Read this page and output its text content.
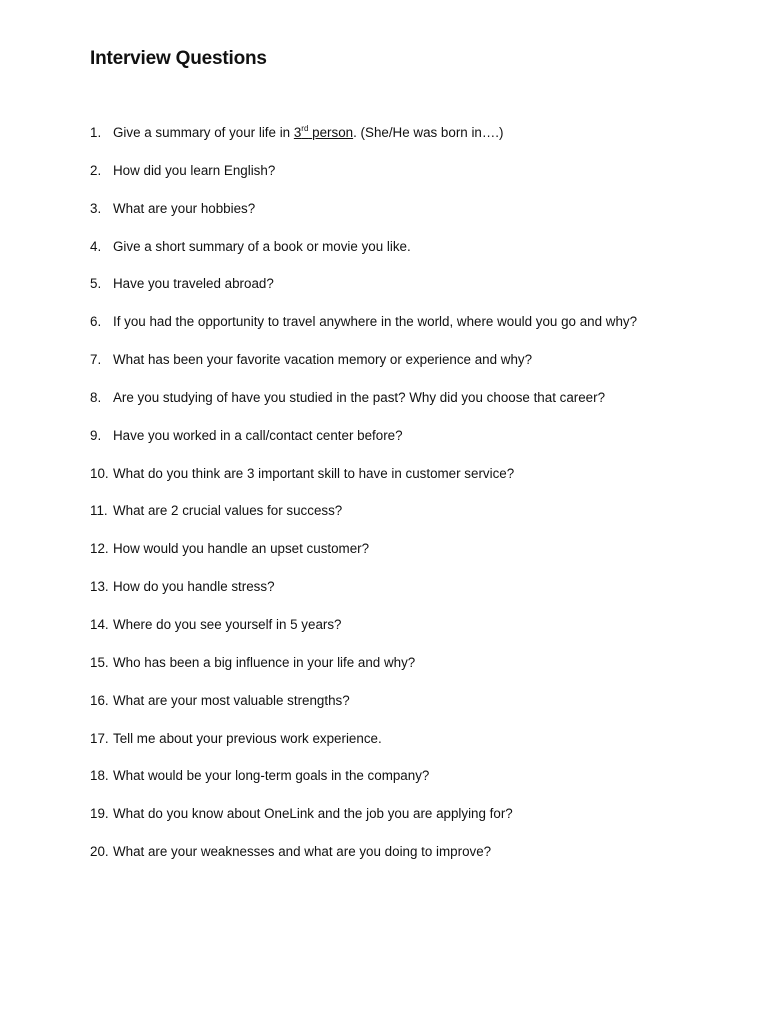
Interview Questions
1. Give a summary of your life in 3rd person. (She/He was born in….)
2. How did you learn English?
3. What are your hobbies?
4. Give a short summary of a book or movie you like.
5. Have you traveled abroad?
6. If you had the opportunity to travel anywhere in the world, where would you go and why?
7. What has been your favorite vacation memory or experience and why?
8. Are you studying of have you studied in the past? Why did you choose that career?
9. Have you worked in a call/contact center before?
10. What do you think are 3 important skill to have in customer service?
11. What are 2 crucial values for success?
12. How would you handle an upset customer?
13. How do you handle stress?
14. Where do you see yourself in 5 years?
15. Who has been a big influence in your life and why?
16. What are your most valuable strengths?
17. Tell me about your previous work experience.
18. What would be your long-term goals in the company?
19. What do you know about OneLink and the job you are applying for?
20. What are your weaknesses and what are you doing to improve?
